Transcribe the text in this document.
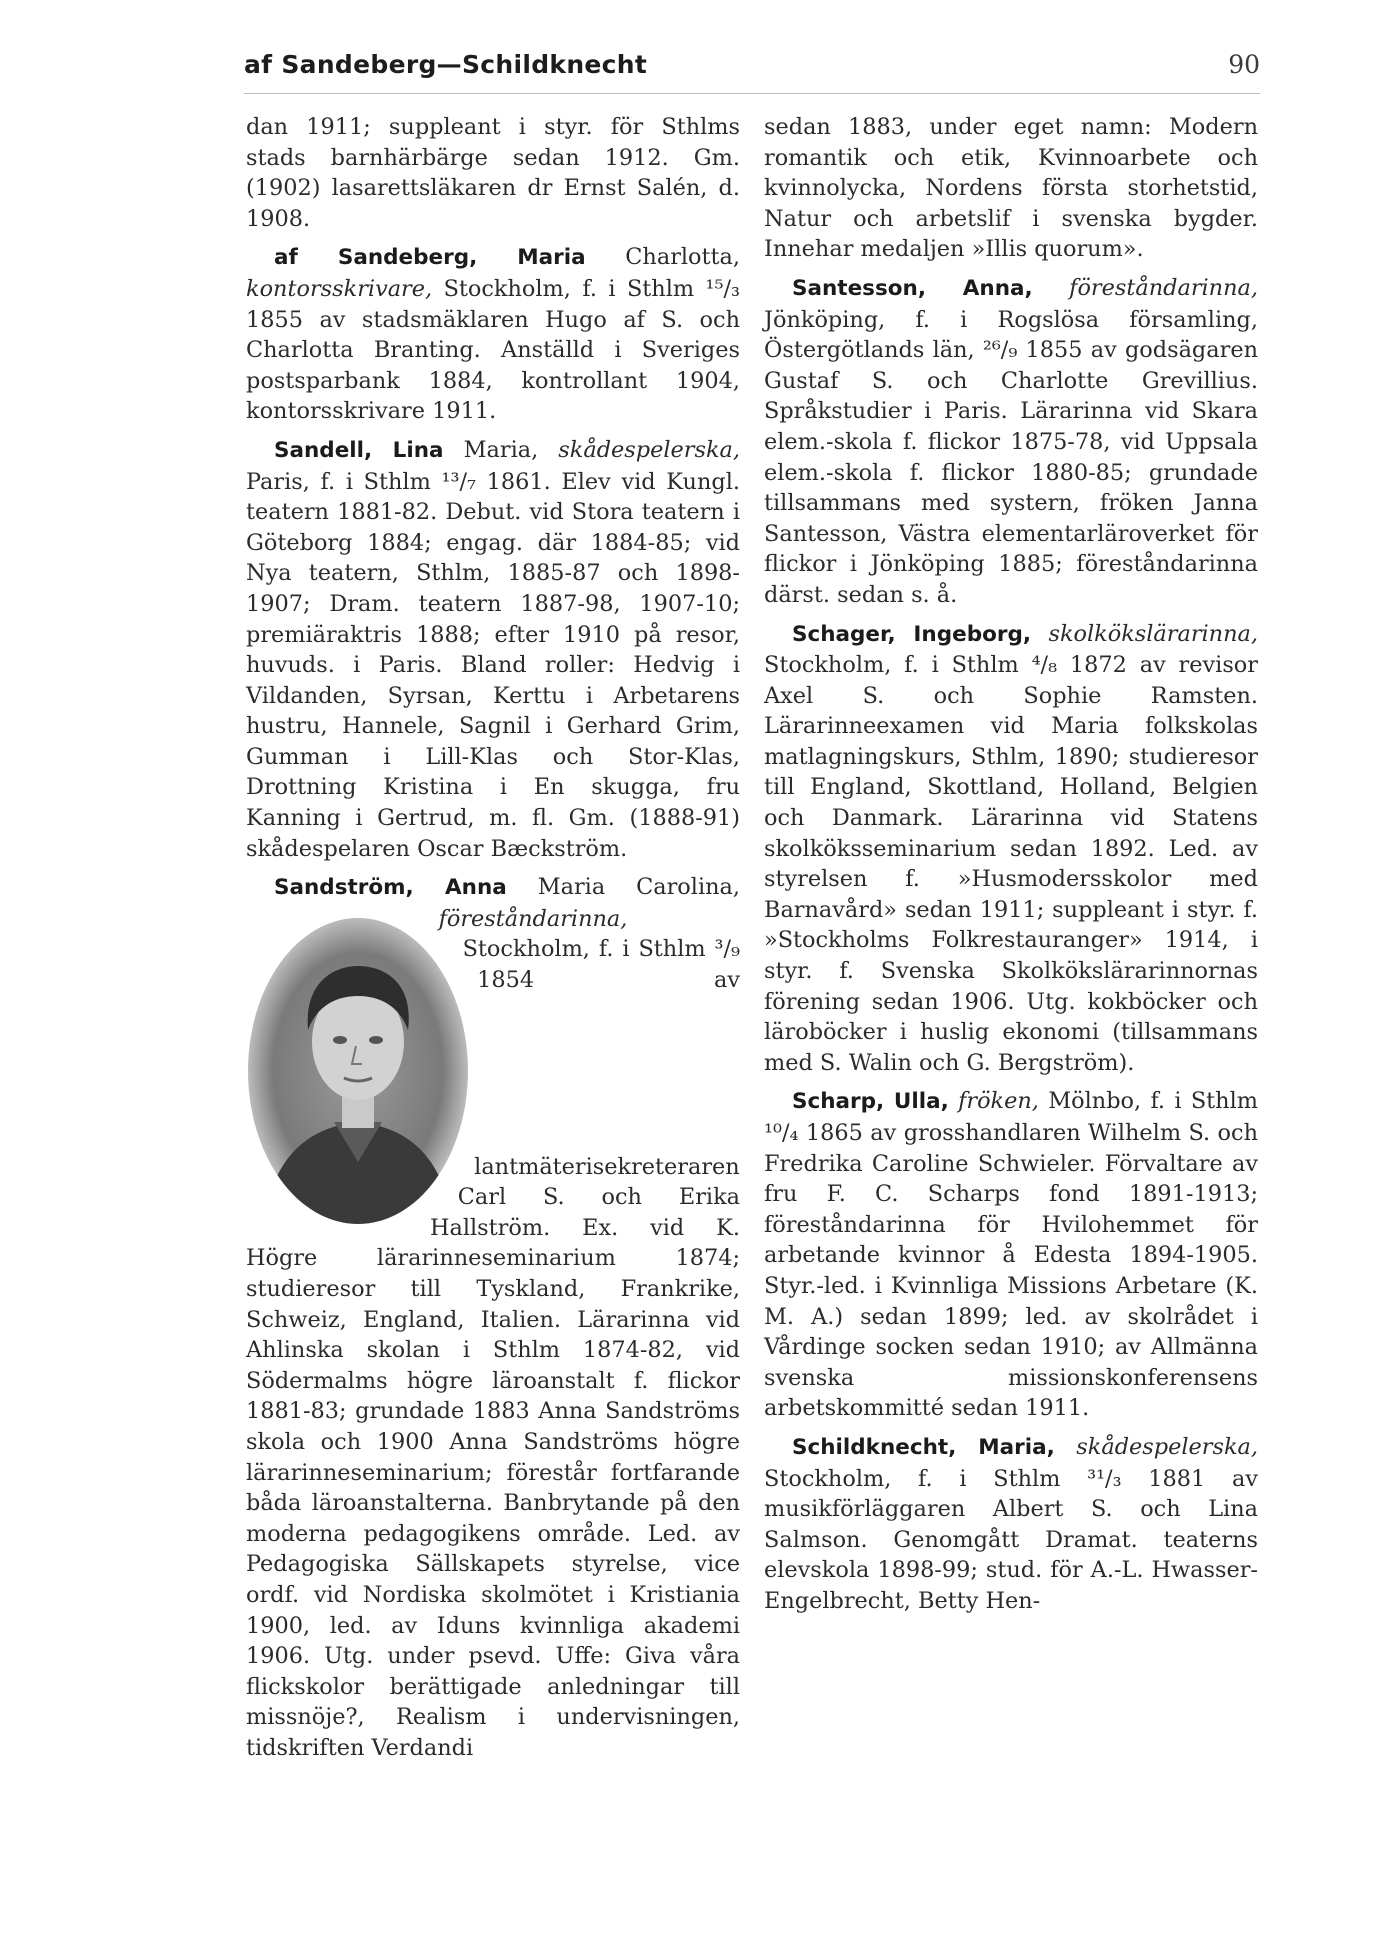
af Sandeberg—Schildknecht	90

dan 1911; suppleant i styr. för Sthlms stads barnhärbärge sedan 1912. Gm. (1902) lasarettsläkaren dr Ernst Salén, d. 1908.

af Sandeberg, Maria Charlotta, kontorsskrivare, Stockholm, f. i Sthlm ¹⁵/₃ 1855 av stadsmäklaren Hugo af S. och Charlotta Branting. Anställd i Sveriges postsparbank 1884, kontrollant 1904, kontorsskrivare 1911.

Sandell, Lina Maria, skådespelerska, Paris, f. i Sthlm ¹³/₇ 1861. Elev vid Kungl. teatern 1881-82. Debut. vid Stora teatern i Göteborg 1884; engag. där 1884-85; vid Nya teatern, Sthlm, 1885-87 och 1898-1907; Dram. teatern 1887-98, 1907-10; premiäraktris 1888; efter 1910 på resor, huvuds. i Paris. Bland roller: Hedvig i Vildanden, Syrsan, Kerttu i Arbetarens hustru, Hannele, Sagnil i Gerhard Grim, Gumman i Lill-Klas och Stor-Klas, Drottning Kristina i En skugga, fru Kanning i Gertrud, m. fl. Gm. (1888-91) skådespelaren Oscar Bæckström.

Sandström, Anna Maria Carolina,
föreståndarinna, Stockholm, f. i Sthlm ³/₉ 1854 av lantmäterisekreteraren Carl S. och Erika Hallström. Ex. vid K. Högre lärarinneseminarium 1874; studieresor till Tyskland, Frankrike, Schweiz, England, Italien. Lärarinna vid Ahlinska skolan i Sthlm 1874-82, vid Södermalms högre läroanstalt f. flickor 1881-83; grundade 1883 Anna Sandströms skola och 1900 Anna Sandströms högre lärarinneseminarium; förestår fortfarande båda läroanstalterna. Banbrytande på den moderna pedagogikens område. Led. av Pedagogiska Sällskapets styrelse, vice ordf. vid Nordiska skolmötet i Kristiania 1900, led. av Iduns kvinnliga akademi 1906. Utg. under psevd. Uffe: Giva våra flickskolor berättigade anledningar till missnöje?, Realism i undervisningen, tidskriften Verdandi

sedan 1883, under eget namn: Modern romantik och etik, Kvinnoarbete och kvinnolycka, Nordens första storhetstid, Natur och arbetslif i svenska bygder. Innehar medaljen »Illis quorum».

Santesson, Anna, föreståndarinna, Jönköping, f. i Rogslösa församling, Östergötlands län, ²⁶/₉ 1855 av godsägaren Gustaf S. och Charlotte Grevillius. Språkstudier i Paris. Lärarinna vid Skara elem.-skola f. flickor 1875-78, vid Uppsala elem.-skola f. flickor 1880-85; grundade tillsammans med systern, fröken Janna Santesson, Västra elementarläroverket för flickor i Jönköping 1885; föreståndarinna därst. sedan s. å.

Schager, Ingeborg, skolkökslärarinna, Stockholm, f. i Sthlm ⁴/₈ 1872 av revisor Axel S. och Sophie Ramsten. Lärarinneexamen vid Maria folkskolas matlagningskurs, Sthlm, 1890; studieresor till England, Skottland, Holland, Belgien och Danmark. Lärarinna vid Statens skolköksseminarium sedan 1892. Led. av styrelsen f. »Husmodersskolor med Barnavård» sedan 1911; suppleant i styr. f. »Stockholms Folkrestauranger» 1914, i styr. f. Svenska Skolkökslärarinnornas förening sedan 1906. Utg. kokböcker och läroböcker i huslig ekonomi (tillsammans med S. Walin och G. Bergström).

Scharp, Ulla, fröken, Mölnbo, f. i Sthlm ¹⁰/₄ 1865 av grosshandlaren Wilhelm S. och Fredrika Caroline Schwieler. Förvaltare av fru F. C. Scharps fond 1891-1913; föreståndarinna för Hvilohemmet för arbetande kvinnor å Edesta 1894-1905. Styr.-led. i Kvinnliga Missions Arbetare (K. M. A.) sedan 1899; led. av skolrådet i Vårdinge socken sedan 1910; av Allmänna svenska missionskonferensens arbetskommitté sedan 1911.

Schildknecht, Maria, skådespelerska, Stockholm, f. i Sthlm ³¹/₃ 1881 av musikförläggaren Albert S. och Lina Salmson. Genomgått Dramat. teaterns elevskola 1898-99; stud. för A.-L. Hwasser-Engelbrecht, Betty Hen-
